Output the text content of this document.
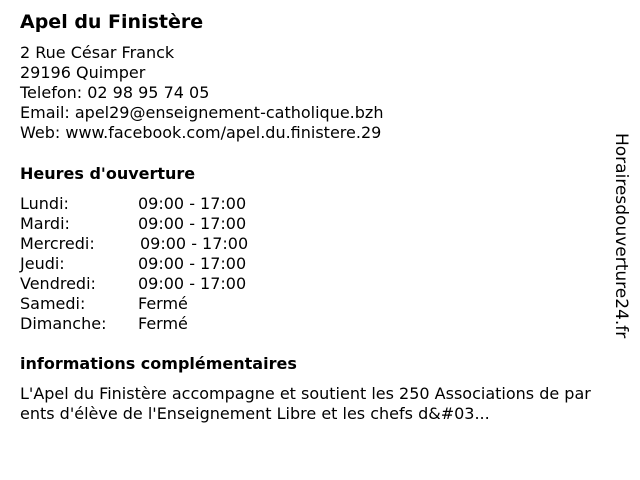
Apel du Finistère
2 Rue César Franck
29196 Quimper
Telefon: 02 98 95 74 05
Email: apel29@enseignement-catholique.bzh
Web: www.facebook.com/apel.du.finistere.29
Heures d'ouverture
Lundi:	09:00 - 17:00
Mardi:	09:00 - 17:00
Mercredi:	09:00 - 17:00
Jeudi:	09:00 - 17:00
Vendredi:	09:00 - 17:00
Samedi:	Fermé
Dimanche: Fermé
informations complémentaires
L'Apel du Finistère accompagne et soutient les 250 Associations de parents d'élève de l'Enseignement Libre et les chefs d&#03...
Horairesdouverture24.fr
